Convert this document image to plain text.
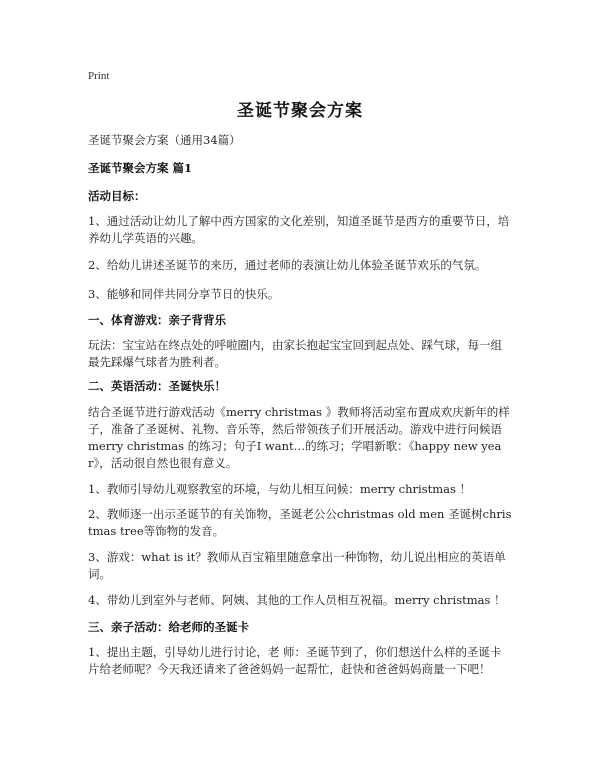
Print
圣诞节聚会方案
圣诞节聚会方案（通用34篇）
圣诞节聚会方案 篇1
活动目标：
1、通过活动让幼儿了解中西方国家的文化差别，知道圣诞节是西方的重要节日，培养幼儿学英语的兴趣。
2、给幼儿讲述圣诞节的来历，通过老师的表演让幼儿体验圣诞节欢乐的气氛。
3、能够和同伴共同分享节日的快乐。
一、体育游戏：亲子背背乐
玩法：宝宝站在终点处的呼啦圈内，由家长抱起宝宝回到起点处、踩气球，每一组最先踩爆气球者为胜利者。
二、英语活动：圣诞快乐！
结合圣诞节进行游戏活动《merry christmas 》教师将活动室布置成欢庆新年的样子，准备了圣诞树、礼物、音乐等，然后带领孩子们开展活动。游戏中进行问候语merry christmas 的练习；句子I want…的练习；学唱新歌：《happy new year》，活动很自然也很有意义。
1、教师引导幼儿观察教室的环境，与幼儿相互问候：merry christmas ！
2、教师逐一出示圣诞节的有关饰物，圣诞老公公christmas old men 圣诞树christmas tree等饰物的发音。
3、游戏：what is it？教师从百宝箱里随意拿出一种饰物，幼儿说出相应的英语单词。
4、带幼儿到室外与老师、阿姨、其他的工作人员相互祝福。merry christmas ！
三、亲子活动：给老师的圣诞卡
1、提出主题，引导幼儿进行讨论，老 师：圣诞节到了，你们想送什么样的圣诞卡片给老师呢？今天我还请来了爸爸妈妈一起帮忙，赶快和爸爸妈妈商量一下吧！
